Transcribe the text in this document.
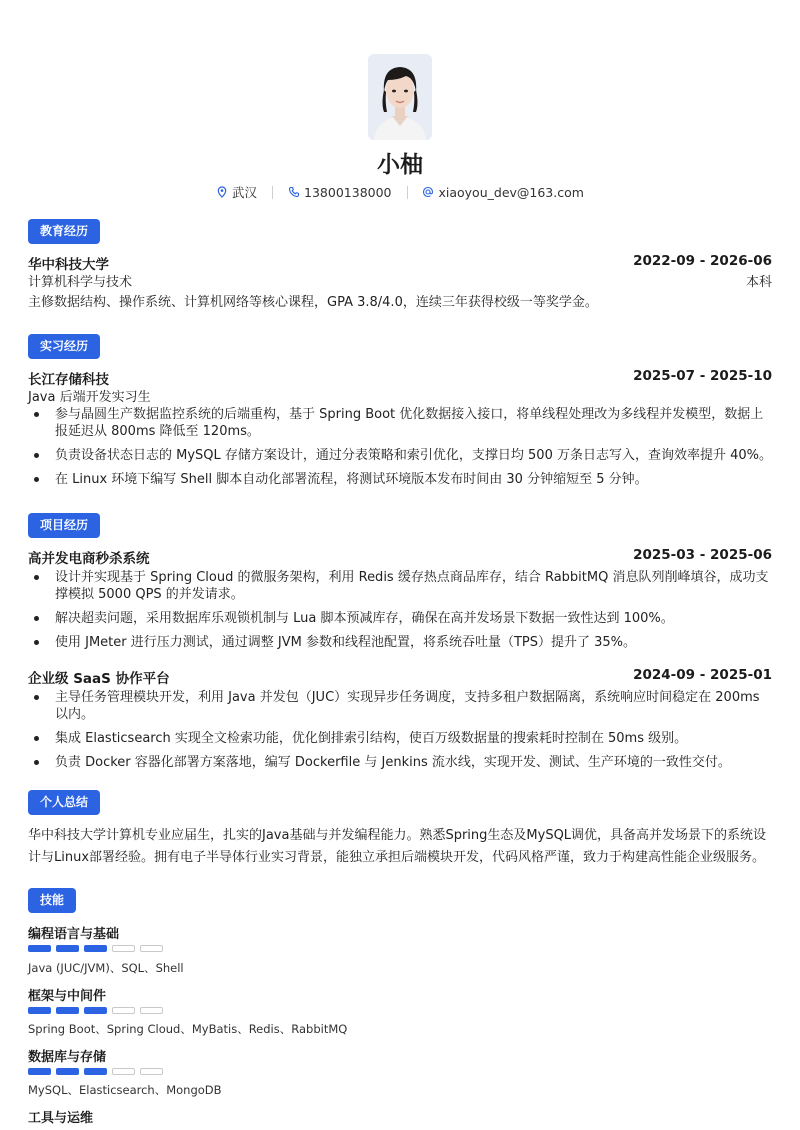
小柚
武汉	13800138000	xiaoyou_dev@163.com
教育经历
华中科技大学	2022-09 - 2026-06
计算机科学与技术	本科
主修数据结构、操作系统、计算机网络等核心课程，GPA 3.8/4.0，连续三年获得校级一等奖学金。
实习经历
长江存储科技	2025-07 - 2025-10
Java 后端开发实习生
参与晶圆生产数据监控系统的后端重构，基于 Spring Boot 优化数据接入接口，将单线程处理改为多线程并发模型，数据上报延迟从 800ms 降低至 120ms。
负责设备状态日志的 MySQL 存储方案设计，通过分表策略和索引优化，支撑日均 500 万条日志写入，查询效率提升 40%。
在 Linux 环境下编写 Shell 脚本自动化部署流程，将测试环境版本发布时间由 30 分钟缩短至 5 分钟。
项目经历
高并发电商秒杀系统	2025-03 - 2025-06
设计并实现基于 Spring Cloud 的微服务架构，利用 Redis 缓存热点商品库存，结合 RabbitMQ 消息队列削峰填谷，成功支撑模拟 5000 QPS 的并发请求。
解决超卖问题，采用数据库乐观锁机制与 Lua 脚本预减库存，确保在高并发场景下数据一致性达到 100%。
使用 JMeter 进行压力测试，通过调整 JVM 参数和线程池配置，将系统吞吐量（TPS）提升了 35%。
企业级 SaaS 协作平台	2024-09 - 2025-01
主导任务管理模块开发，利用 Java 并发包（JUC）实现异步任务调度，支持多租户数据隔离，系统响应时间稳定在 200ms 以内。
集成 Elasticsearch 实现全文检索功能，优化倒排索引结构，使百万级数据量的搜索耗时控制在 50ms 级别。
负责 Docker 容器化部署方案落地，编写 Dockerfile 与 Jenkins 流水线，实现开发、测试、生产环境的一致性交付。
个人总结
华中科技大学计算机专业应届生，扎实的Java基础与并发编程能力。熟悉Spring生态及MySQL调优，具备高并发场景下的系统设计与Linux部署经验。拥有电子半导体行业实习背景，能独立承担后端模块开发，代码风格严谨，致力于构建高性能企业级服务。
技能
编程语言与基础
Java (JUC/JVM)、SQL、Shell
框架与中间件
Spring Boot、Spring Cloud、MyBatis、Redis、RabbitMQ
数据库与存储
MySQL、Elasticsearch、MongoDB
工具与运维
